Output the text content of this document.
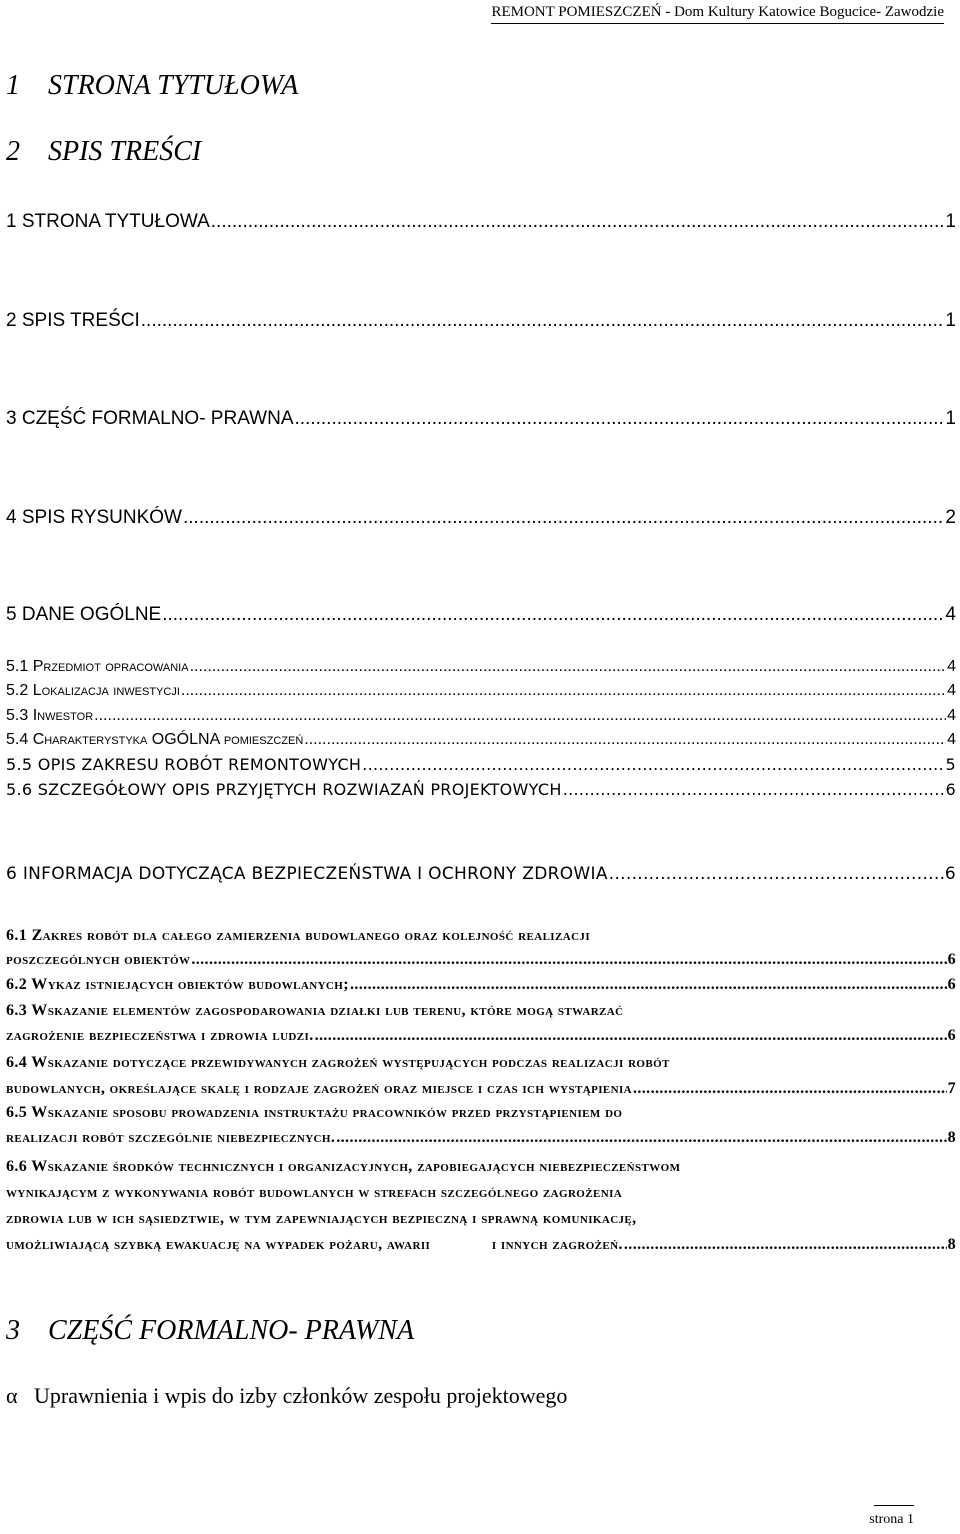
REMONT POMIESZCZEŃ - Dom Kultury Katowice Bogucice- Zawodzie
1 STRONA TYTUŁOWA
2 SPIS TREŚCI
1 STRONA TYTUŁOWA .....	1
2 SPIS TREŚCI .....	1
3 CZĘŚĆ FORMALNO- PRAWNA .....	1
4 SPIS RYSUNKÓW .....	2
5 DANE OGÓLNE .....	4
5.1 Przedmiot opracowania .....	4
5.2 Lokalizacja inwestycji .....	4
5.3 Inwestor .....	4
5.4 Charakterystyka OGÓLNA pomieszczeń .....	4
5.5 OPIS ZAKRESU ROBÓT REMONTOWYCH .....	5
5.6 SZCZEGÓŁOWY OPIS PRZYJĘTYCH ROZWIAZAŃ PROJEKTOWYCH .....	6
6 INFORMACJA DOTYCZĄCA BEZPIECZEŃSTWA I OCHRONY ZDROWIA .....	6
6.1 Zakres robót dla całego zamierzenia budowlanego oraz kolejność realizacji
poszczególnych obiektów .....	6
6.2 Wykaz istniejących obiektów budowlanych; .....	6
6.3 Wskazanie elementów zagospodarowania działki lub terenu, które mogą stwarzać
zagrożenie bezpieczeństwa i zdrowia ludzi. .....	6
6.4 Wskazanie dotyczące przewidywanych zagrożeń występujących podczas realizacji robót
budowlanych, określające skalę i rodzaje zagrożeń oraz miejsce i czas ich wystąpienia .....	7
6.5 Wskazanie sposobu prowadzenia instruktażu pracowników przed przystąpieniem do
realizacji robót szczególnie niebezpiecznych. .....	8
6.6 Wskazanie środków technicznych i organizacyjnych, zapobiegających niebezpieczeństwom
wynikającym z wykonywania robót budowlanych w strefach szczególnego zagrożenia
zdrowia lub w ich sąsiedztwie, w tym zapewniających bezpieczną i sprawną komunikację,
umożliwiającą szybką ewakuację na wypadek pożaru, awarii              i innych zagrożeń. .....	8
3 CZĘŚĆ FORMALNO- PRAWNA
α Uprawnienia i wpis do izby członków zespołu projektowego
strona 1
